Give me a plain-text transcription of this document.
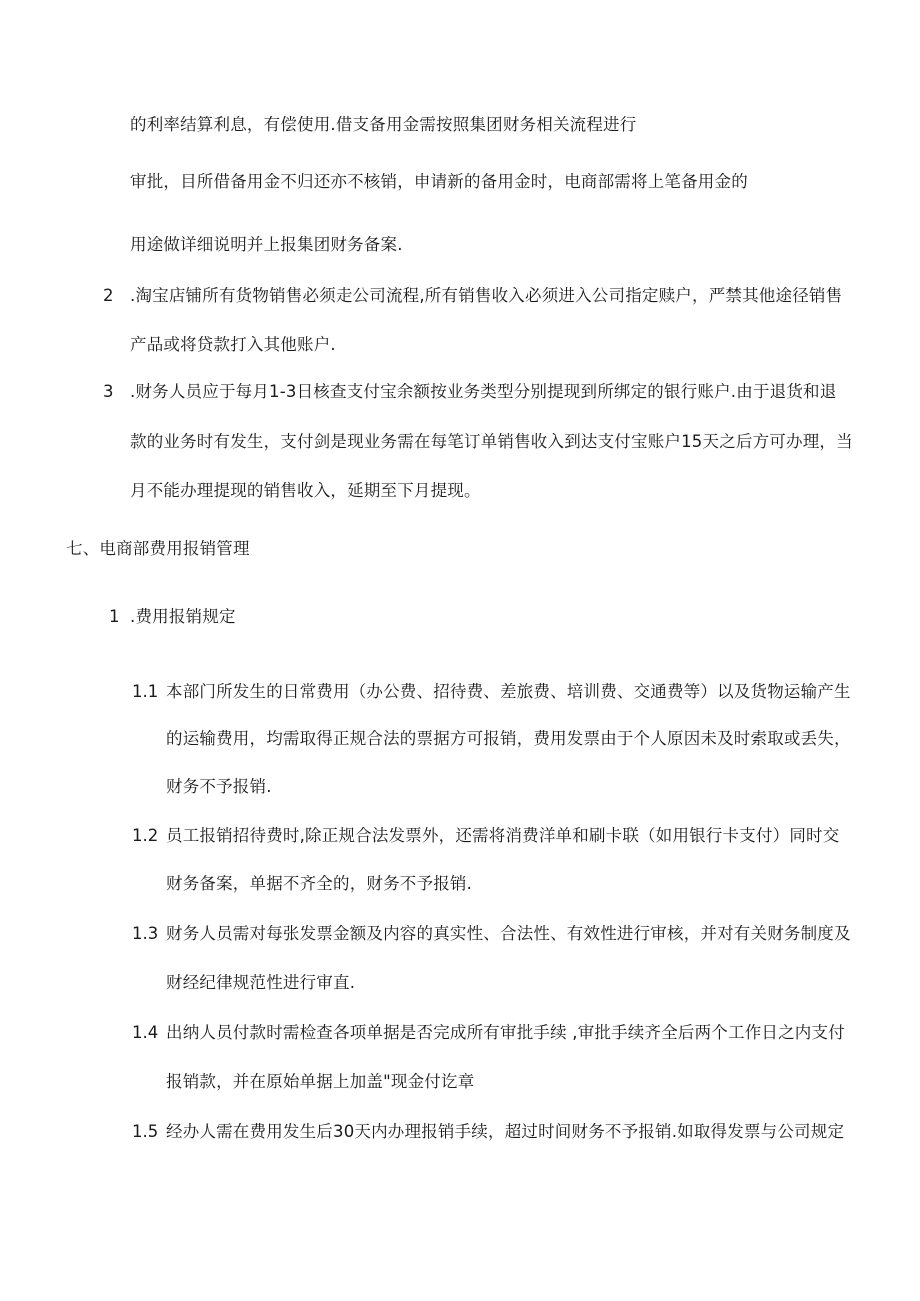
的利率结算利息，有偿使用.借支备用金需按照集团财务相关流程进行
审批，目所借备用金不归还亦不核销，申请新的备用金时，电商部需将上笔备用金的
用途做详细说明并上报集团财务备案.
2 .淘宝店铺所有货物销售必须走公司流程,所有销售收入必须进入公司指定赎户，严禁其他途径销售
产品或将贷款打入其他账户.
3 .财务人员应于每月1-3日核查支付宝余额按业务类型分别提现到所绑定的银行账户.由于退货和退
款的业务时有发生，支付剑是现业务需在每笔订单销售收入到达支付宝账户15天之后方可办理，当
月不能办理提现的销售收入，延期至下月提现。
七、电商部费用报销管理
1 .费用报销规定
1.1 本部门所发生的日常费用（办公费、招待费、差旅费、培训费、交通费等）以及货物运输产生
的运输费用，均需取得正规合法的票据方可报销，费用发票由于个人原因未及时索取或丢失，
财务不予报销.
1.2 员工报销招待费时,除正规合法发票外，还需将消费洋单和刷卡联（如用银行卡支付）同时交
财务备案，单据不齐全的，财务不予报销.
1.3 财务人员需对每张发票金额及内容的真实性、合法性、有效性进行审核，并对有关财务制度及
财经纪律规范性进行审直.
1.4 出纳人员付款时需检查各项单据是否完成所有审批手续 ,审批手续齐全后两个工作日之内支付
报销款，并在原始单据上加盖"现金付讫章
1.5 经办人需在费用发生后30天内办理报销手续，超过时间财务不予报销.如取得发票与公司规定
